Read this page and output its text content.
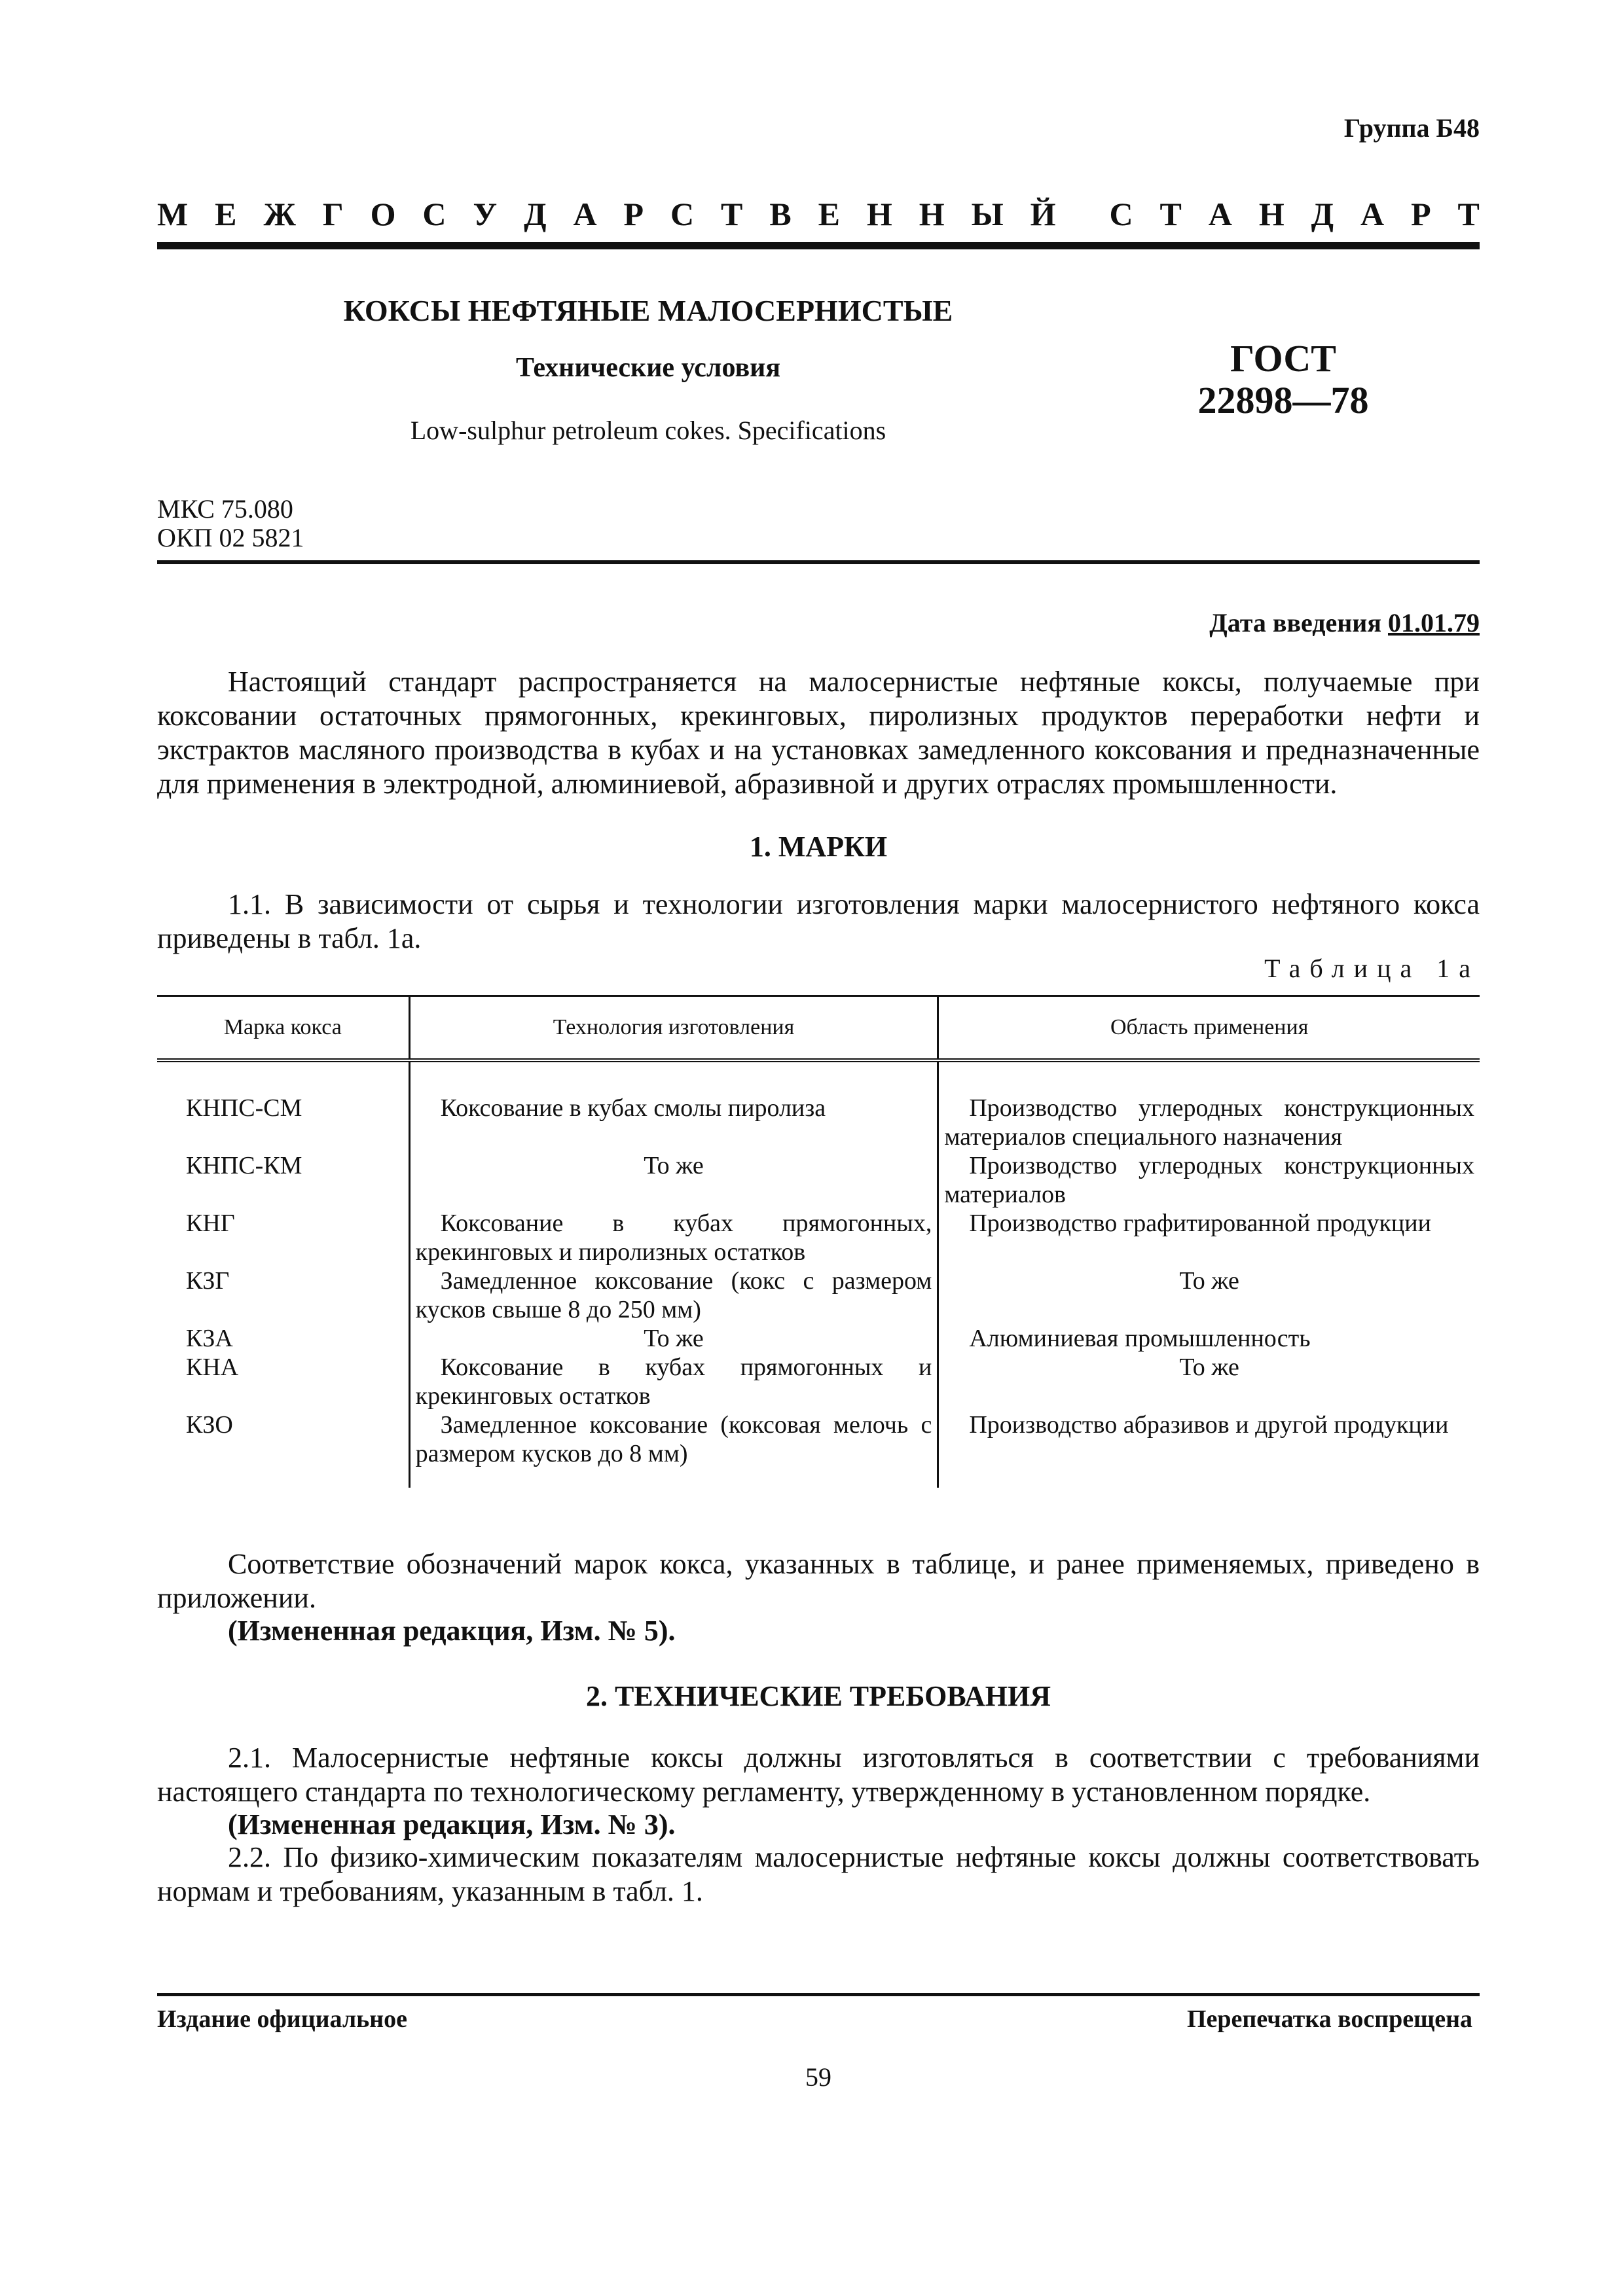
Группа Б48
М Е Ж Г О С У Д А Р С Т В Е Н Н Ы Й С Т А Н Д А Р Т
КОКСЫ НЕФТЯНЫЕ МАЛОСЕРНИСТЫЕ
Технические условия
Low-sulphur petroleum cokes. Specifications
ГОСТ
22898—78
МКС 75.080
ОКП 02 5821
Дата введения 01.01.79
Настоящий стандарт распространяется на малосернистые нефтяные коксы, получаемые при коксовании остаточных прямогонных, крекинговых, пиролизных продуктов переработки нефти и экстрактов масляного производства в кубах и на установках замедленного коксования и предназначенные для применения в электродной, алюминиевой, абразивной и других отраслях промышленности.
1. МАРКИ
1.1. В зависимости от сырья и технологии изготовления марки малосернистого нефтяного кокса приведены в табл. 1а.
Таблица 1а
Марка кокса	Технология изготовления	Область применения
КНПС-СМ	Коксование в кубах смолы пиролиза	Производство углеродных конструкционных материалов специального назначения
КНПС-КМ	То же	Производство углеродных конструкционных материалов
КНГ	Коксование в кубах прямогонных, крекинговых и пиролизных остатков	Производство графитированной продукции
КЗГ	Замедленное коксование (кокс с размером кусков свыше 8 до 250 мм)	То же
КЗА	То же	Алюминиевая промышленность
КНА	Коксование в кубах прямогонных и крекинговых остатков	То же
КЗО	Замедленное коксование (коксовая мелочь с размером кусков до 8 мм)	Производство абразивов и другой продукции
Соответствие обозначений марок кокса, указанных в таблице, и ранее применяемых, приведено в приложении.
(Измененная редакция, Изм. № 5).
2. ТЕХНИЧЕСКИЕ ТРЕБОВАНИЯ
2.1. Малосернистые нефтяные коксы должны изготовляться в соответствии с требованиями настоящего стандарта по технологическому регламенту, утвержденному в установленном порядке.
(Измененная редакция, Изм. № 3).
2.2. По физико-химическим показателям малосернистые нефтяные коксы должны соответствовать нормам и требованиям, указанным в табл. 1.
Издание официальное	Перепечатка воспрещена
59
